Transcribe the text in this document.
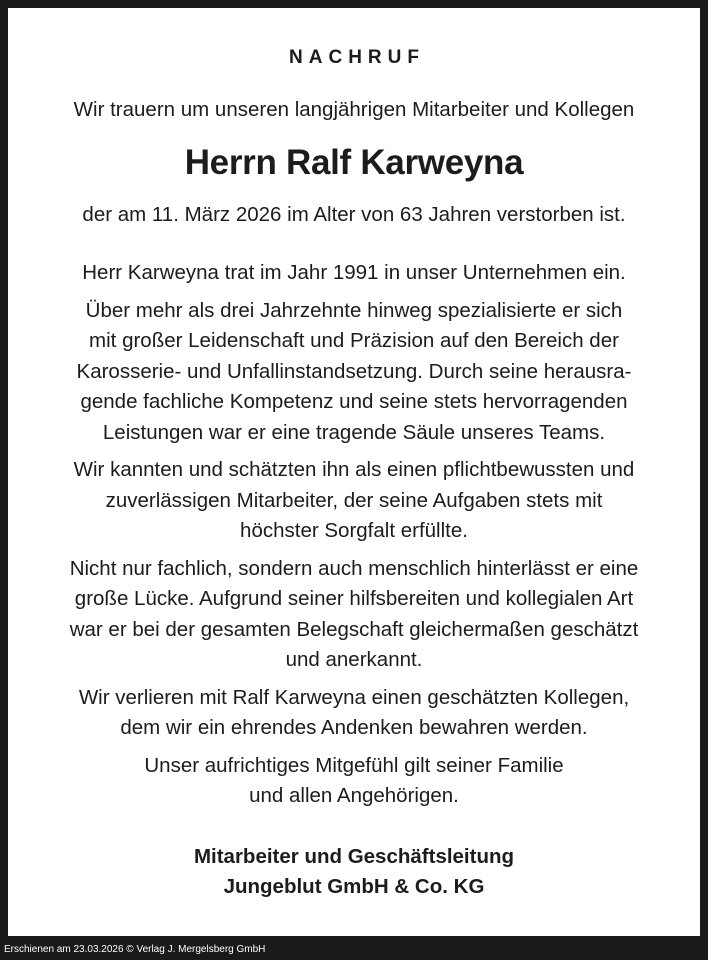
NACHRUF
Wir trauern um unseren langjährigen Mitarbeiter und Kollegen
Herrn Ralf Karweyna
der am 11. März 2026 im Alter von 63 Jahren verstorben ist.

Herr Karweyna trat im Jahr 1991 in unser Unternehmen ein.

Über mehr als drei Jahrzehnte hinweg spezialisierte er sich
mit großer Leidenschaft und Präzision auf den Bereich der
Karosserie- und Unfallinstandsetzung. Durch seine herausra-
gende fachliche Kompetenz und seine stets hervorragenden
Leistungen war er eine tragende Säule unseres Teams.

Wir kannten und schätzten ihn als einen pflichtbewussten und
zuverlässigen Mitarbeiter, der seine Aufgaben stets mit
höchster Sorgfalt erfüllte.

Nicht nur fachlich, sondern auch menschlich hinterlässt er eine
große Lücke. Aufgrund seiner hilfsbereiten und kollegialen Art
war er bei der gesamten Belegschaft gleichermaßen geschätzt
und anerkannt.

Wir verlieren mit Ralf Karweyna einen geschätzten Kollegen,
dem wir ein ehrendes Andenken bewahren werden.

Unser aufrichtiges Mitgefühl gilt seiner Familie
und allen Angehörigen.

Mitarbeiter und Geschäftsleitung
Jungeblut GmbH & Co. KG
Erschienen am 23.03.2026 © Verlag J. Mergelsberg GmbH
